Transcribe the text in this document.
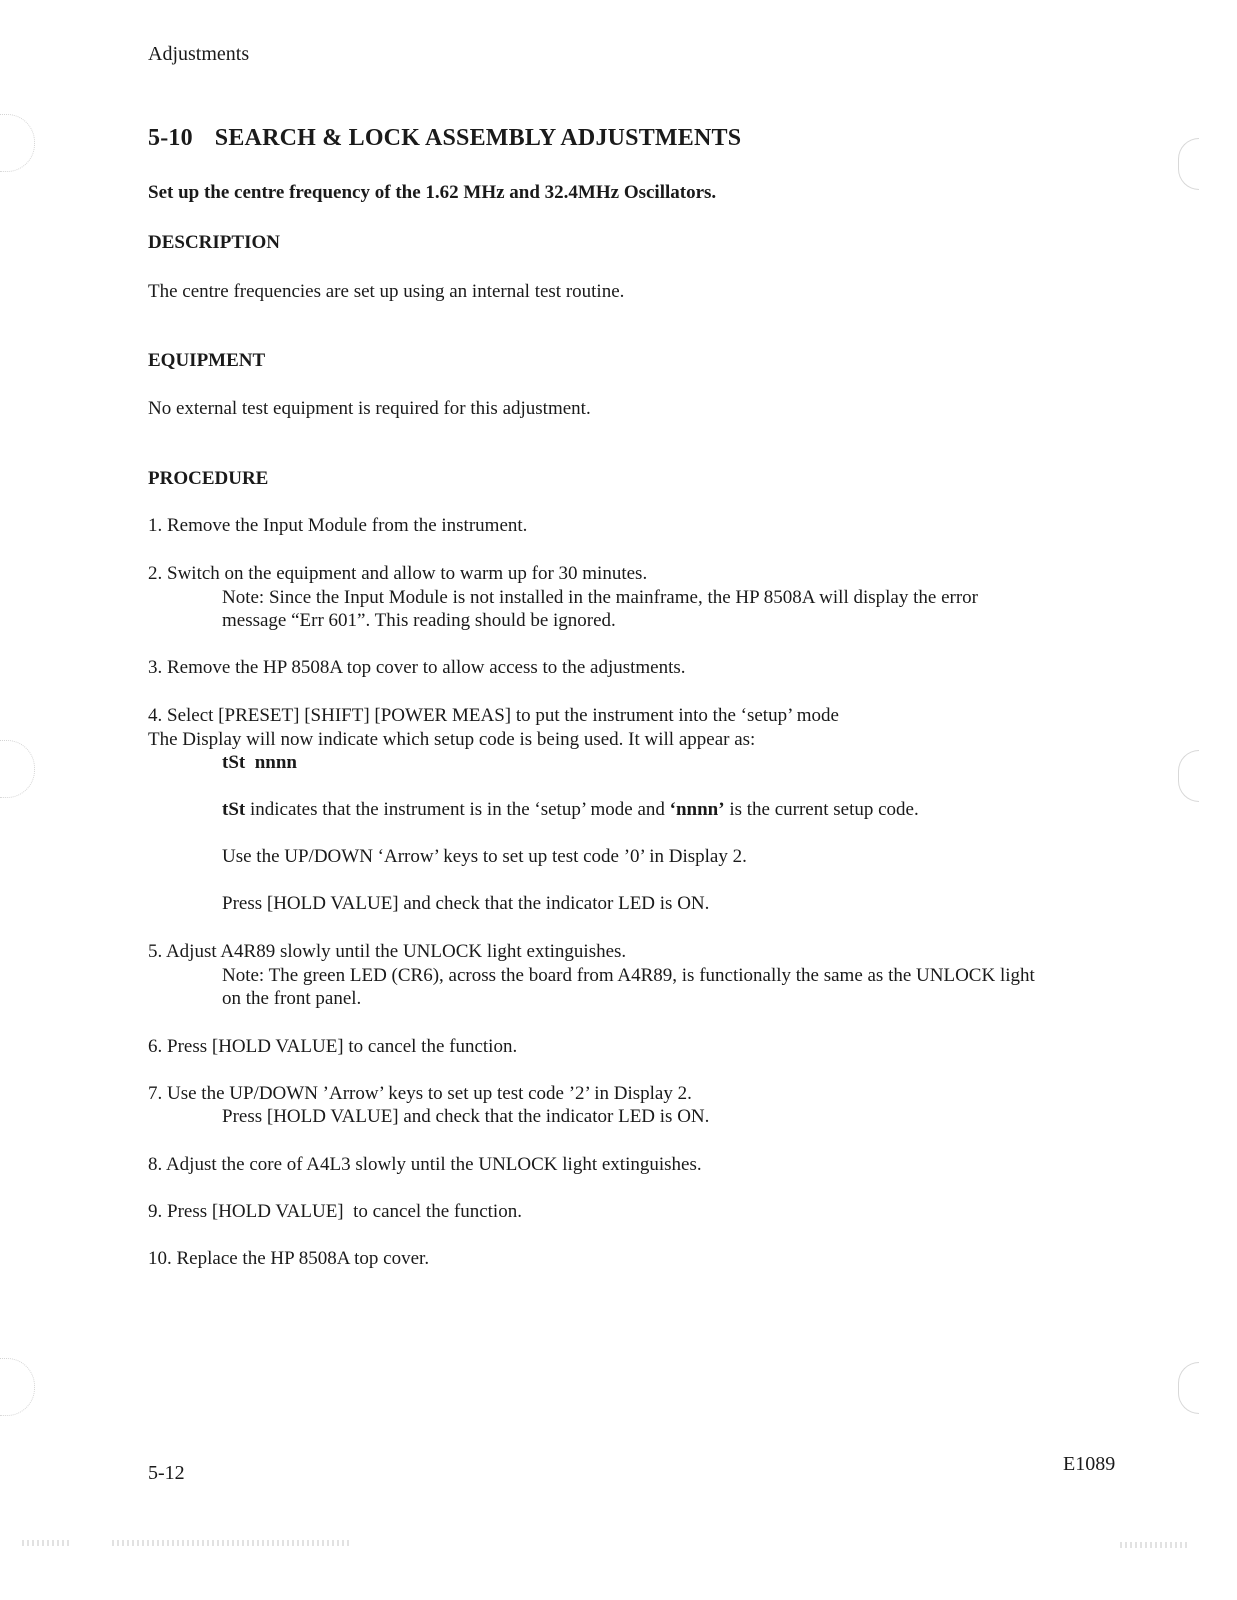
Adjustments
5-10 SEARCH & LOCK ASSEMBLY ADJUSTMENTS
Set up the centre frequency of the 1.62 MHz and 32.4MHz Oscillators.
DESCRIPTION
The centre frequencies are set up using an internal test routine.
EQUIPMENT
No external test equipment is required for this adjustment.
PROCEDURE
1. Remove the Input Module from the instrument.
2. Switch on the equipment and allow to warm up for 30 minutes.
Note: Since the Input Module is not installed in the mainframe, the HP 8508A will display the error
message “Err 601”. This reading should be ignored.
3. Remove the HP 8508A top cover to allow access to the adjustments.
4. Select [PRESET] [SHIFT] [POWER MEAS] to put the instrument into the ‘setup’ mode
The Display will now indicate which setup code is being used. It will appear as:
tSt  nnnn
tSt indicates that the instrument is in the ‘setup’ mode and ‘nnnn’ is the current setup code.
Use the UP/DOWN ‘Arrow’ keys to set up test code ’0’ in Display 2.
Press [HOLD VALUE] and check that the indicator LED is ON.
5. Adjust A4R89 slowly until the UNLOCK light extinguishes.
Note: The green LED (CR6), across the board from A4R89, is functionally the same as the UNLOCK light
on the front panel.
6. Press [HOLD VALUE] to cancel the function.
7. Use the UP/DOWN ’Arrow’ keys to set up test code ’2’ in Display 2.
Press [HOLD VALUE] and check that the indicator LED is ON.
8. Adjust the core of A4L3 slowly until the UNLOCK light extinguishes.
9. Press [HOLD VALUE]  to cancel the function.
10. Replace the HP 8508A top cover.
5-12	E1089
